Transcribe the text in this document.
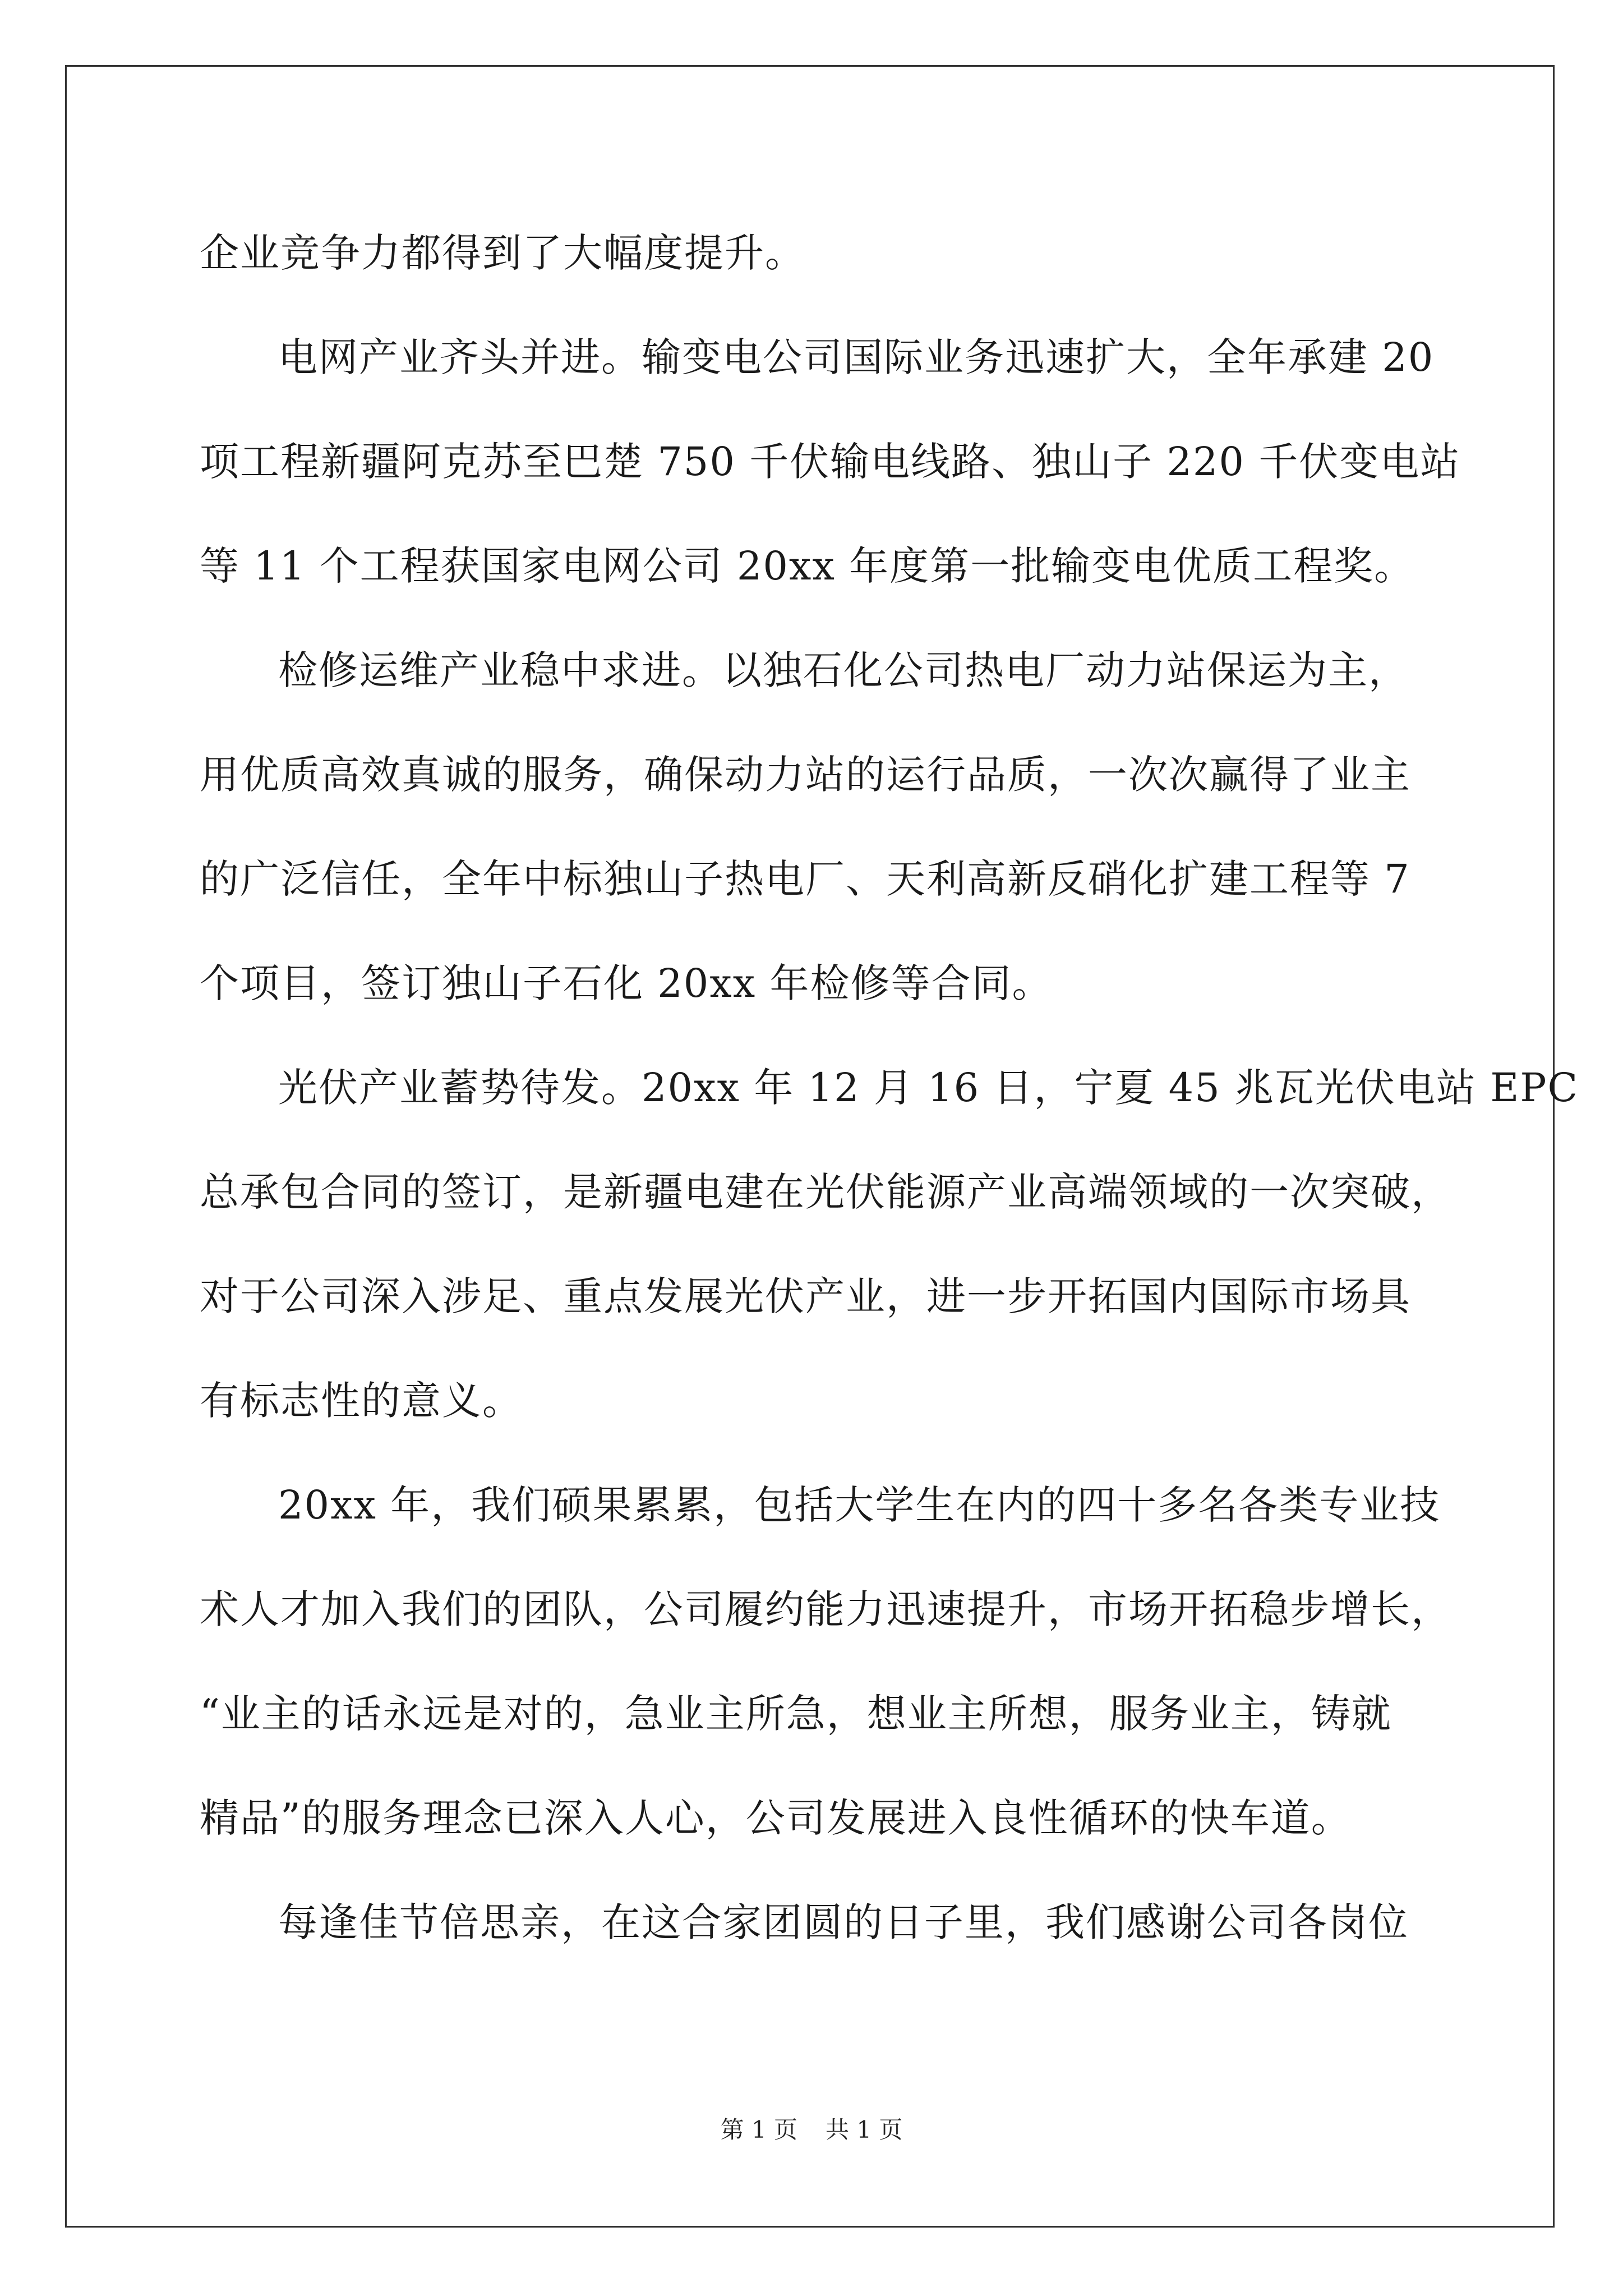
企业竞争力都得到了大幅度提升。
电网产业齐头并进。输变电公司国际业务迅速扩大，全年承建 20
项工程新疆阿克苏至巴楚 750 千伏输电线路、独山子 220 千伏变电站
等 11 个工程获国家电网公司 20xx 年度第一批输变电优质工程奖。
检修运维产业稳中求进。以独石化公司热电厂动力站保运为主，
用优质高效真诚的服务，确保动力站的运行品质，一次次赢得了业主
的广泛信任，全年中标独山子热电厂、天利高新反硝化扩建工程等 7
个项目，签订独山子石化 20xx 年检修等合同。
光伏产业蓄势待发。20xx 年 12 月 16 日，宁夏 45 兆瓦光伏电站 EPC
总承包合同的签订，是新疆电建在光伏能源产业高端领域的一次突破，
对于公司深入涉足、重点发展光伏产业，进一步开拓国内国际市场具
有标志性的意义。
20xx 年，我们硕果累累，包括大学生在内的四十多名各类专业技
术人才加入我们的团队，公司履约能力迅速提升，市场开拓稳步增长，
“业主的话永远是对的，急业主所急，想业主所想，服务业主，铸就
精品”的服务理念已深入人心，公司发展进入良性循环的快车道。
每逢佳节倍思亲，在这合家团圆的日子里，我们感谢公司各岗位
第 1 页 共 1 页
